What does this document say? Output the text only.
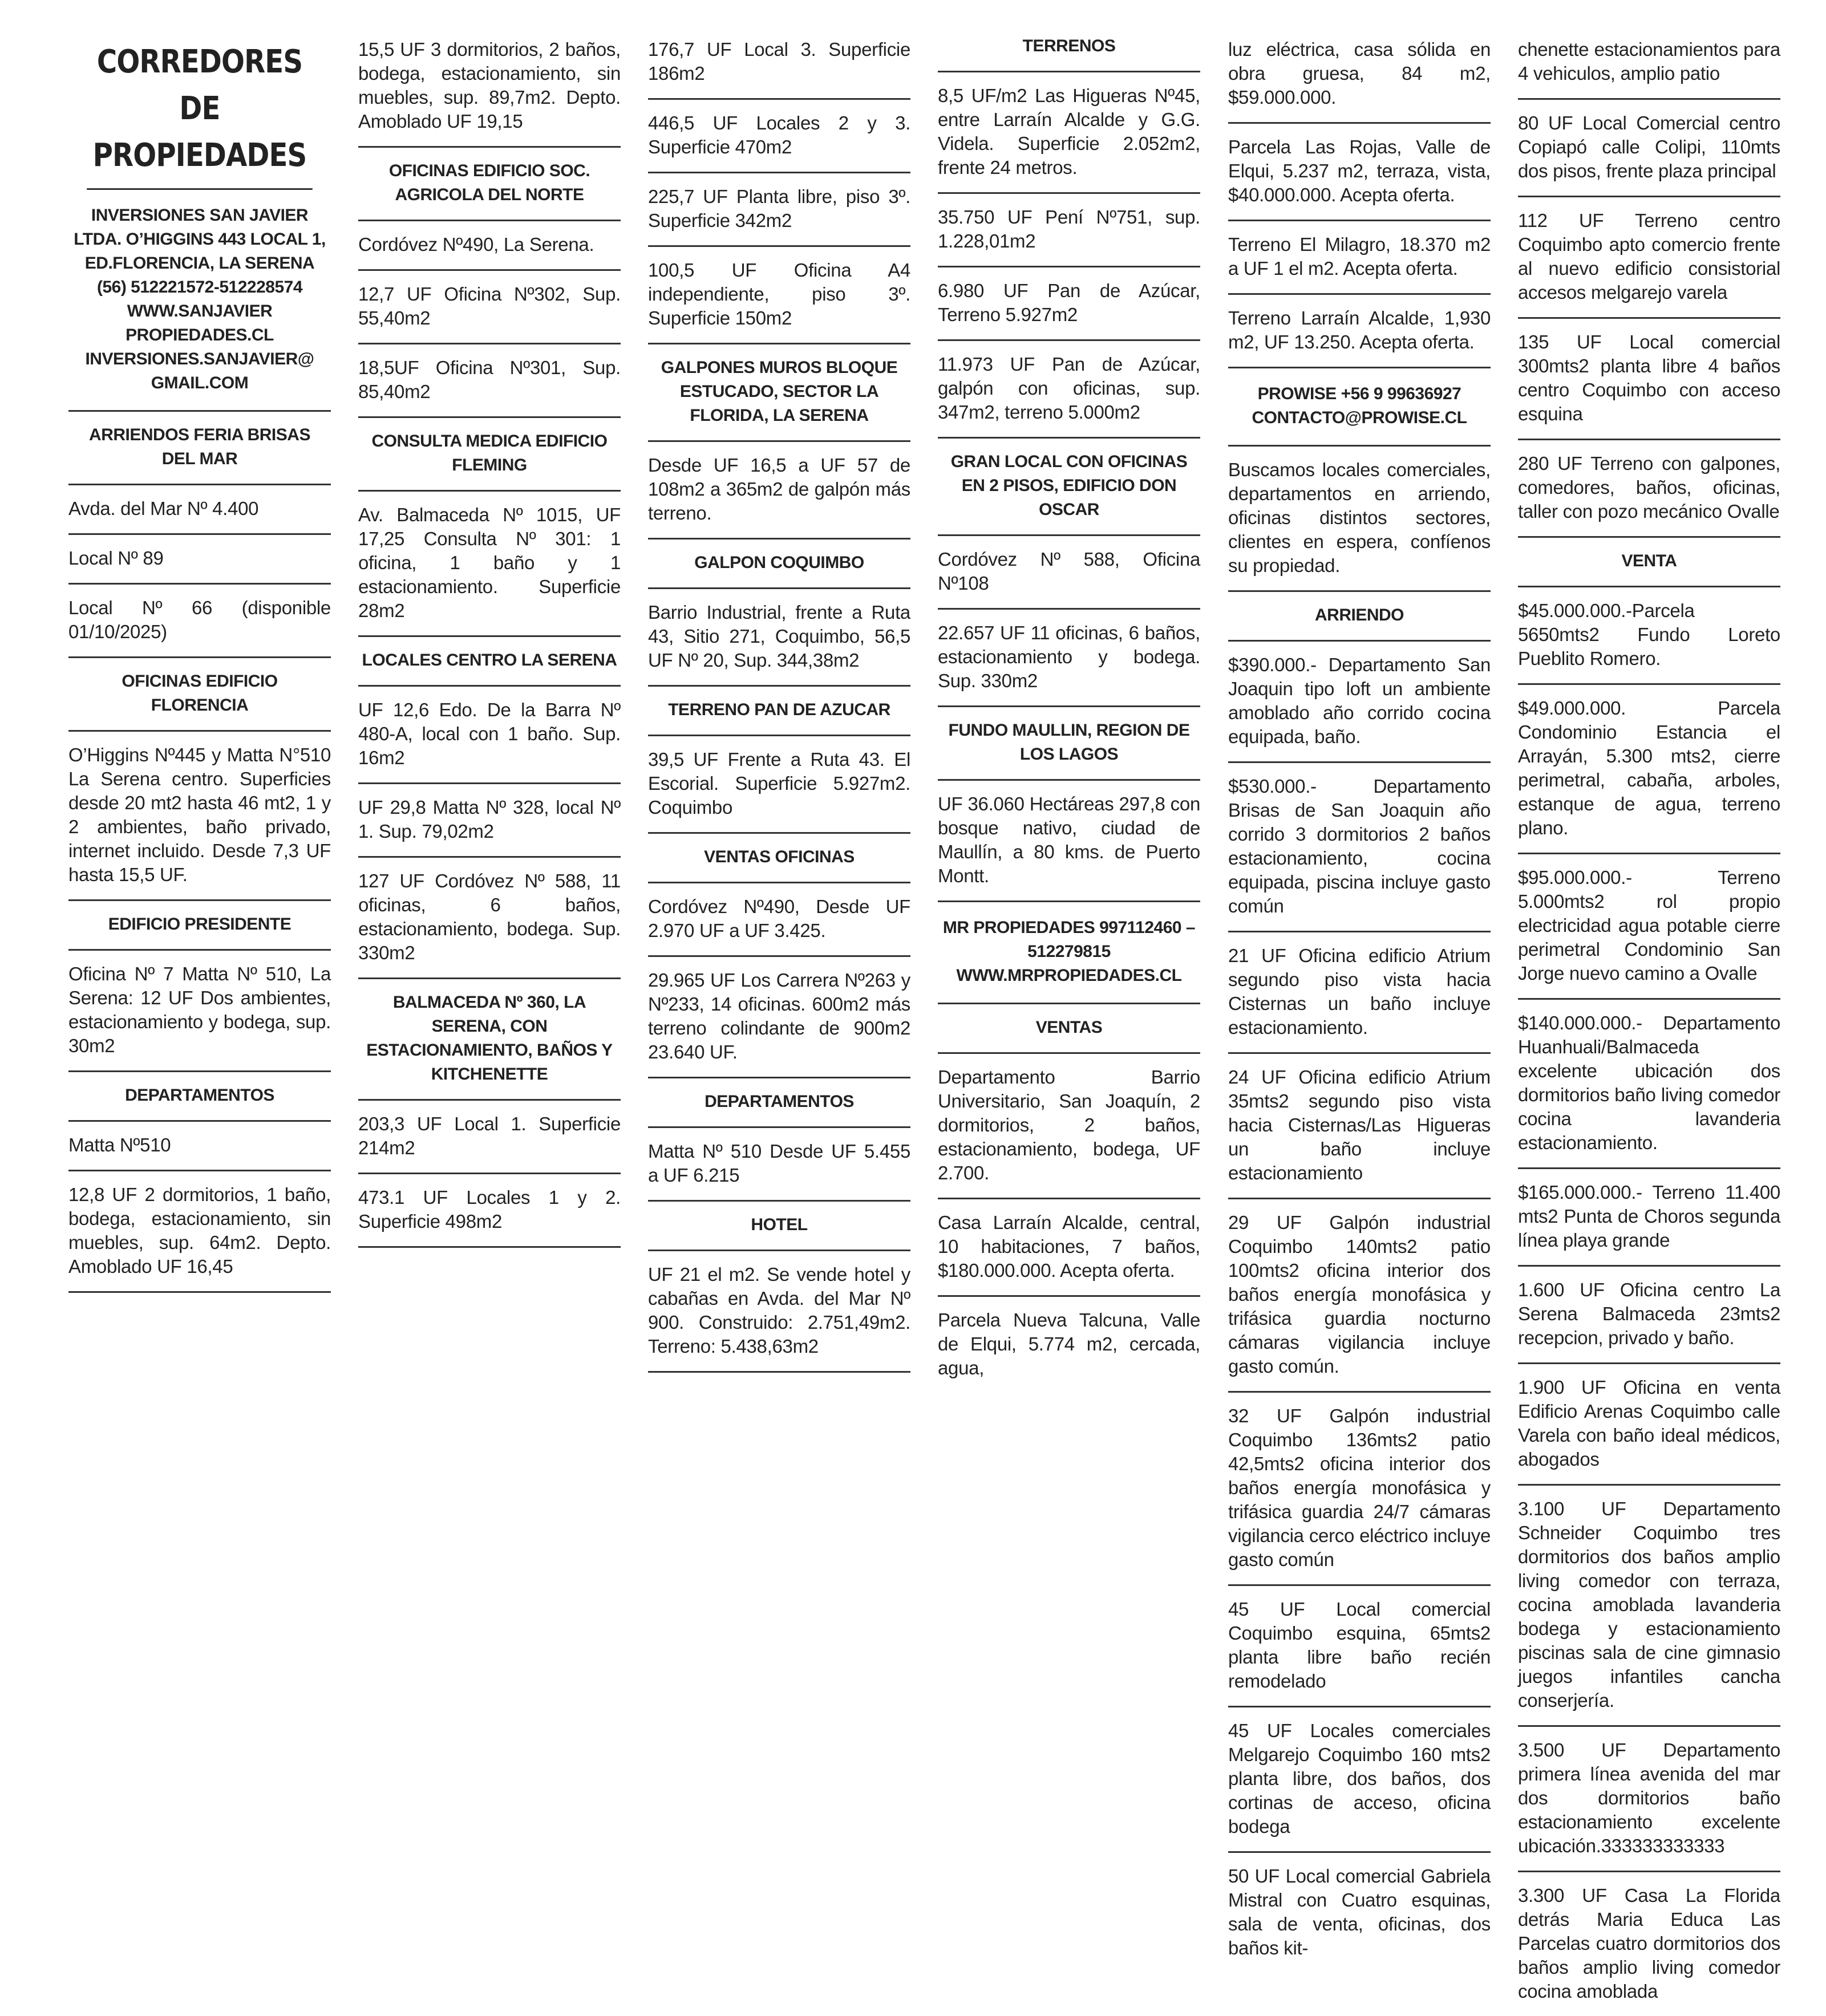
CORREDORES DE PROPIEDADES
INVERSIONES SAN JAVIER LTDA. O’HIGGINS 443 LOCAL 1, ED.FLORENCIA, LA SERENA (56) 512221572-512228574 WWW.SANJAVIER PROPIEDADES.CL INVERSIONES.SANJAVIER@ GMAIL.COM
ARRIENDOS FERIA BRISAS DEL MAR
Avda. del Mar Nº 4.400
Local Nº 89
Local Nº 66 (disponible 01/10/2025)
OFICINAS EDIFICIO FLORENCIA
O’Higgins Nº445 y Matta N°510 La Serena centro. Superficies desde 20 mt2 hasta 46 mt2, 1 y 2 ambientes, baño privado, internet incluido. Desde 7,3 UF hasta 15,5 UF.
EDIFICIO PRESIDENTE
Oficina Nº 7 Matta Nº 510, La Serena: 12 UF Dos ambientes, estacionamiento y bodega, sup. 30m2
DEPARTAMENTOS
Matta Nº510
12,8 UF 2 dormitorios, 1 baño, bodega, estacionamiento, sin muebles, sup. 64m2. Depto. Amoblado UF 16,45
15,5 UF 3 dormitorios, 2 baños, bodega, estacionamiento, sin muebles, sup. 89,7m2. Depto. Amoblado UF 19,15
OFICINAS EDIFICIO SOC. AGRICOLA DEL NORTE
Cordóvez Nº490, La Serena.
12,7 UF Oficina Nº302, Sup. 55,40m2
18,5UF Oficina Nº301, Sup. 85,40m2
CONSULTA MEDICA EDIFICIO FLEMING
Av. Balmaceda Nº 1015, UF 17,25 Consulta Nº 301: 1 oficina, 1 baño y 1 estacionamiento. Superficie 28m2
LOCALES CENTRO LA SERENA
UF 12,6 Edo. De la Barra Nº 480-A, local con 1 baño. Sup. 16m2
UF 29,8 Matta Nº 328, local Nº 1. Sup. 79,02m2
127 UF Cordóvez Nº 588, 11 oficinas, 6 baños, estacionamiento, bodega. Sup. 330m2
BALMACEDA Nº 360, LA SERENA, CON ESTACIONAMIENTO, BAÑOS Y KITCHENETTE
203,3 UF Local 1. Superficie 214m2
473.1 UF Locales 1 y 2. Superficie 498m2
176,7 UF Local 3. Superficie 186m2
446,5 UF Locales 2 y 3. Superficie 470m2
225,7 UF Planta libre, piso 3º. Superficie 342m2
100,5 UF Oficina A4 independiente, piso 3º. Superficie 150m2
GALPONES MUROS BLOQUE ESTUCADO, SECTOR LA FLORIDA, LA SERENA
Desde UF 16,5 a UF 57 de 108m2 a 365m2 de galpón más terreno.
GALPON COQUIMBO
Barrio Industrial, frente a Ruta 43, Sitio 271, Coquimbo, 56,5 UF Nº 20, Sup. 344,38m2
TERRENO PAN DE AZUCAR
39,5 UF Frente a Ruta 43. El Escorial. Superficie 5.927m2. Coquimbo
VENTAS OFICINAS
Cordóvez Nº490, Desde UF 2.970 UF a UF 3.425.
29.965 UF Los Carrera Nº263 y Nº233, 14 oficinas. 600m2 más terreno colindante de 900m2 23.640 UF.
DEPARTAMENTOS
Matta Nº 510 Desde UF 5.455 a UF 6.215
HOTEL
UF 21 el m2. Se vende hotel y cabañas en Avda. del Mar Nº 900. Construido: 2.751,49m2. Terreno: 5.438,63m2
TERRENOS
8,5 UF/m2 Las Higueras Nº45, entre Larraín Alcalde y G.G. Videla. Superficie 2.052m2, frente 24 metros.
35.750 UF Pení Nº751, sup. 1.228,01m2
6.980 UF Pan de Azúcar, Terreno 5.927m2
11.973 UF Pan de Azúcar, galpón con oficinas, sup. 347m2, terreno 5.000m2
GRAN LOCAL CON OFICINAS EN 2 PISOS, EDIFICIO DON OSCAR
Cordóvez Nº 588, Oficina Nº108
22.657 UF 11 oficinas, 6 baños, estacionamiento y bodega. Sup. 330m2
FUNDO MAULLIN, REGION DE LOS LAGOS
UF 36.060 Hectáreas 297,8 con bosque nativo, ciudad de Maullín, a 80 kms. de Puerto Montt.
MR PROPIEDADES 997112460 – 512279815 WWW.MRPROPIEDADES.CL
VENTAS
Departamento Barrio Universitario, San Joaquín, 2 dormitorios, 2 baños, estacionamiento, bodega, UF 2.700.
Casa Larraín Alcalde, central, 10 habitaciones, 7 baños, $180.000.000. Acepta oferta.
Parcela Nueva Talcuna, Valle de Elqui, 5.774 m2, cercada, agua,
luz eléctrica, casa sólida en obra gruesa, 84 m2, $59.000.000.
Parcela Las Rojas, Valle de Elqui, 5.237 m2, terraza, vista, $40.000.000. Acepta oferta.
Terreno El Milagro, 18.370 m2 a UF 1 el m2. Acepta oferta.
Terreno Larraín Alcalde, 1,930 m2, UF 13.250. Acepta oferta.
PROWISE +56 9 99636927 CONTACTO@PROWISE.CL
Buscamos locales comerciales, departamentos en arriendo, oficinas distintos sectores, clientes en espera, confíenos su propiedad.
ARRIENDO
$390.000.- Departamento San Joaquin tipo loft un ambiente amoblado año corrido cocina equipada, baño.
$530.000.- Departamento Brisas de San Joaquin año corrido 3 dormitorios 2 baños estacionamiento, cocina equipada, piscina incluye gasto común
21 UF Oficina edificio Atrium segundo piso vista hacia Cisternas un baño incluye estacionamiento.
24 UF Oficina edificio Atrium 35mts2 segundo piso vista hacia Cisternas/Las Higueras un baño incluye estacionamiento
29 UF Galpón industrial Coquimbo 140mts2 patio 100mts2 oficina interior dos baños energía monofásica y trifásica guardia nocturno cámaras vigilancia incluye gasto común.
32 UF Galpón industrial Coquimbo 136mts2 patio 42,5mts2 oficina interior dos baños energía monofásica y trifásica guardia 24/7 cámaras vigilancia cerco eléctrico incluye gasto común
45 UF Local comercial Coquimbo esquina, 65mts2 planta libre baño recién remodelado
45 UF Locales comerciales Melgarejo Coquimbo 160 mts2 planta libre, dos baños, dos cortinas de acceso, oficina bodega
50 UF Local comercial Gabriela Mistral con Cuatro esquinas, sala de venta, oficinas, dos baños kit-
chenette estacionamientos para 4 vehiculos, amplio patio
80 UF Local Comercial centro Copiapó calle Colipi, 110mts dos pisos, frente plaza principal
112 UF Terreno centro Coquimbo apto comercio frente al nuevo edificio consistorial accesos melgarejo varela
135 UF Local comercial 300mts2 planta libre 4 baños centro Coquimbo con acceso esquina
280 UF Terreno con galpones, comedores, baños, oficinas, taller con pozo mecánico Ovalle
VENTA
$45.000.000.-Parcela 5650mts2 Fundo Loreto Pueblito Romero.
$49.000.000. Parcela Condominio Estancia el Arrayán, 5.300 mts2, cierre perimetral, cabaña, arboles, estanque de agua, terreno plano.
$95.000.000.- Terreno 5.000mts2 rol propio electricidad agua potable cierre perimetral Condominio San Jorge nuevo camino a Ovalle
$140.000.000.- Departamento Huanhuali/Balmaceda excelente ubicación dos dormitorios baño living comedor cocina lavanderia estacionamiento.
$165.000.000.- Terreno 11.400 mts2 Punta de Choros segunda línea playa grande
1.600 UF Oficina centro La Serena Balmaceda 23mts2 recepcion, privado y baño.
1.900 UF Oficina en venta Edificio Arenas Coquimbo calle Varela con baño ideal médicos, abogados
3.100 UF Departamento Schneider Coquimbo tres dormitorios dos baños amplio living comedor con terraza, cocina amoblada lavanderia bodega y estacionamiento piscinas sala de cine gimnasio juegos infantiles cancha conserjería.
3.500 UF Departamento primera línea avenida del mar dos dormitorios baño estacionamiento excelente ubicación.333333333333
3.300 UF Casa La Florida detrás Maria Educa Las Parcelas cuatro dormitorios dos baños amplio living comedor cocina amoblada
